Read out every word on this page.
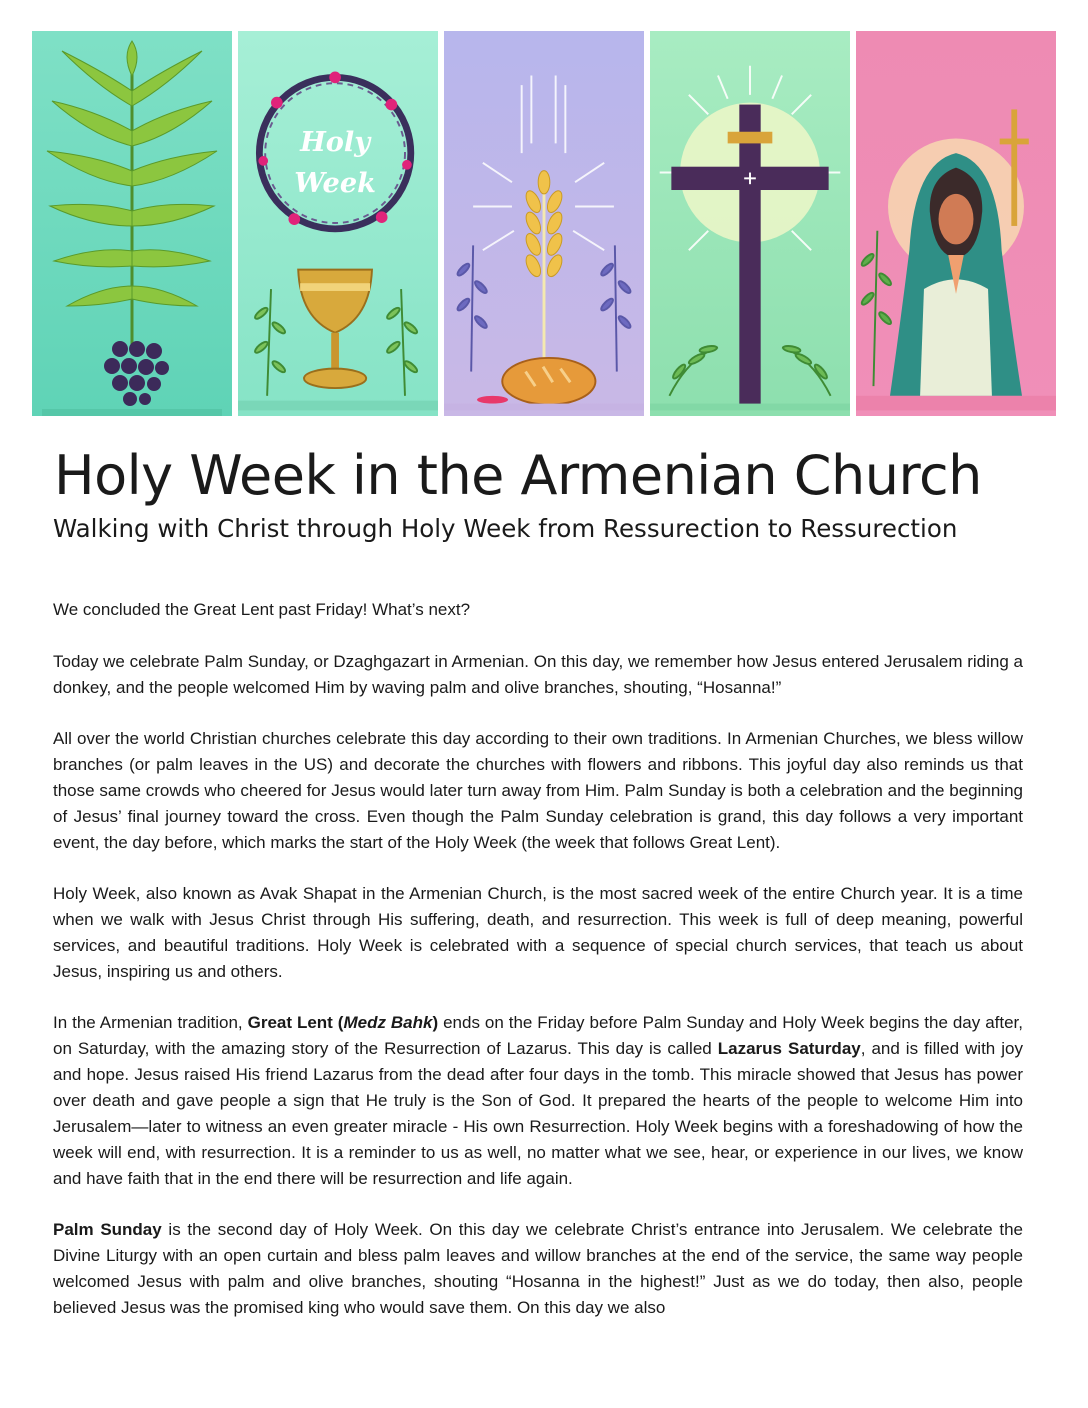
Holy
Week
Holy Week in the Armenian Church
Walking with Christ through Holy Week from Ressurection to Ressurection

We concluded the Great Lent past Friday! What’s next?

Today we celebrate Palm Sunday, or Dzaghgazart in Armenian. On this day, we remember how Jesus entered Jerusalem riding a donkey, and the people welcomed Him by waving palm and olive branches, shouting, “Hosanna!”

All over the world Christian churches celebrate this day according to their own traditions. In Armenian Churches, we bless willow branches (or palm leaves in the US) and decorate the churches with flowers and ribbons. This joyful day also reminds us that those same crowds who cheered for Jesus would later turn away from Him. Palm Sunday is both a celebration and the beginning of Jesus’ final journey toward the cross. Even though the Palm Sunday celebration is grand, this day follows a very important event, the day before, which marks the start of the Holy Week (the week that follows Great Lent).

Holy Week, also known as Avak Shapat in the Armenian Church, is the most sacred week of the entire Church year. It is a time when we walk with Jesus Christ through His suffering, death, and resurrection. This week is full of deep meaning, powerful services, and beautiful traditions. Holy Week is celebrated with a sequence of special church services, that teach us about Jesus, inspiring us and others.

In the Armenian tradition, Great Lent (Medz Bahk) ends on the Friday before Palm Sunday and Holy Week begins the day after, on Saturday, with the amazing story of the Resurrection of Lazarus. This day is called Lazarus Saturday, and is filled with joy and hope. Jesus raised His friend Lazarus from the dead after four days in the tomb. This miracle showed that Jesus has power over death and gave people a sign that He truly is the Son of God. It prepared the hearts of the people to welcome Him into Jerusalem—later to witness an even greater miracle - His own Resurrection. Holy Week begins with a foreshadowing of how the week will end, with resurrection. It is a reminder to us as well, no matter what we see, hear, or experience in our lives, we know and have faith that in the end there will be resurrection and life again.

Palm Sunday is the second day of Holy Week. On this day we celebrate Christ’s entrance into Jerusalem. We celebrate the Divine Liturgy with an open curtain and bless palm leaves and willow branches at the end of the service, the same way people welcomed Jesus with palm and olive branches, shouting “Hosanna in the highest!” Just as we do today, then also, people believed Jesus was the promised king who would save them. On this day we also
